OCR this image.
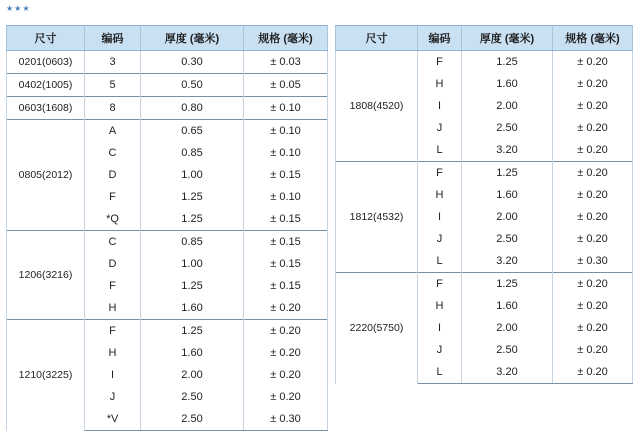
★★★
尺寸	编码	厚度 (毫米)	规格 (毫米)
0201(0603)	3	0.30	± 0.03
0402(1005)	5	0.50	± 0.05
0603(1608)	8	0.80	± 0.10
0805(2012)	A	0.65	± 0.10
	C	0.85	± 0.10
	D	1.00	± 0.15
	F	1.25	± 0.10
	*Q	1.25	± 0.15
1206(3216)	C	0.85	± 0.15
	D	1.00	± 0.15
	F	1.25	± 0.15
	H	1.60	± 0.20
1210(3225)	F	1.25	± 0.20
	H	1.60	± 0.20
	I	2.00	± 0.20
	J	2.50	± 0.20
	*V	2.50	± 0.30
尺寸	编码	厚度 (毫米)	规格 (毫米)
1808(4520)	F	1.25	± 0.20
	H	1.60	± 0.20
	I	2.00	± 0.20
	J	2.50	± 0.20
	L	3.20	± 0.20
1812(4532)	F	1.25	± 0.20
	H	1.60	± 0.20
	I	2.00	± 0.20
	J	2.50	± 0.20
	L	3.20	± 0.30
2220(5750)	F	1.25	± 0.20
	H	1.60	± 0.20
	I	2.00	± 0.20
	J	2.50	± 0.20
	L	3.20	± 0.20
